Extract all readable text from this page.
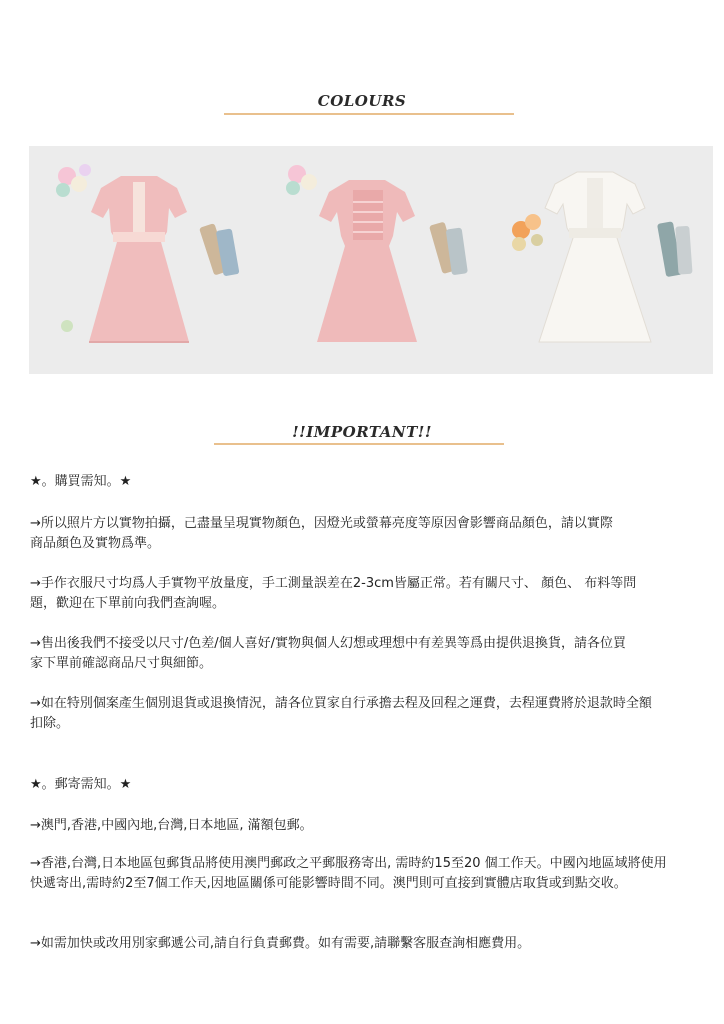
COLOURS
!!IMPORTANT!!

★。購買需知。★

→所以照片方以實物拍攝，己盡量呈現實物顏色，因燈光或螢幕亮度等原因會影響商品顏色，請以實際商品顏色及實物爲準。

→手作衣服尺寸均爲人手實物平放量度，手工測量誤差在2-3cm皆屬正常。若有關尺寸、 顏色、 布料等問題，歡迎在下單前向我們查詢喔。

→售出後我們不接受以尺寸/色差/個人喜好/實物與個人幻想或理想中有差異等爲由提供退換貨，請各位買家下單前確認商品尺寸與細節。

→如在特別個案產生個別退貨或退換情況，請各位買家自行承擔去程及回程之運費，去程運費將於退款時全額扣除。

★。郵寄需知。★

→澳門,香港,中國內地,台灣,日本地區, 滿額包郵。

→香港,台灣,日本地區包郵貨品將使用澳門郵政之平郵服務寄出, 需時約15至20 個工作天。中國內地區域將使用快遞寄出,需時約2至7個工作天,因地區關係可能影響時間不同。澳門則可直接到實體店取貨或到點交收。

→如需加快或改用別家郵遞公司,請自行負責郵費。如有需要,請聯繫客服查詢相應費用。
